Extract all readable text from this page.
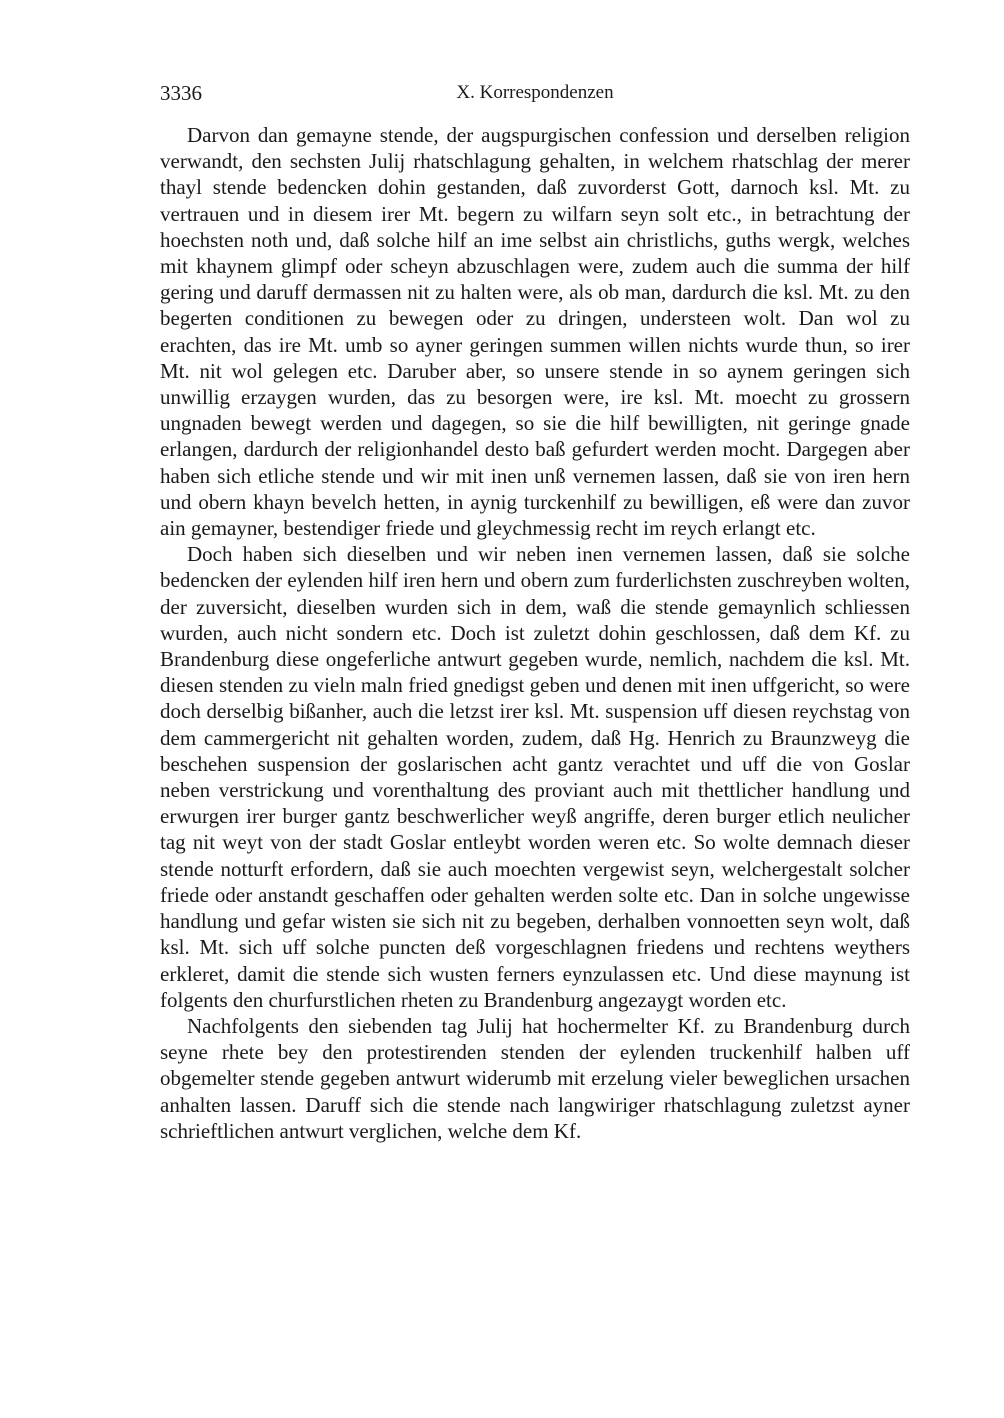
3336	X. Korrespondenzen

Darvon dan gemayne stende, der augspurgischen confession und derselben religion verwandt, den sechsten Julij rhatschlagung gehalten, in welchem rhatschlag der merer thayl stende bedencken dohin gestanden, daß zuvorderst Gott, darnoch ksl. Mt. zu vertrauen und in diesem irer Mt. begern zu wilfarn seyn solt etc., in betrachtung der hoechsten noth und, daß solche hilf an ime selbst ain christlichs, guths wergk, welches mit khaynem glimpf oder scheyn abzuschlagen were, zudem auch die summa der hilf gering und daruff dermassen nit zu halten were, als ob man, dardurch die ksl. Mt. zu den begerten conditionen zu bewegen oder zu dringen, understeen wolt. Dan wol zu erachten, das ire Mt. umb so ayner geringen summen willen nichts wurde thun, so irer Mt. nit wol gelegen etc. Daruber aber, so unsere stende in so aynem geringen sich unwillig erzaygen wurden, das zu besorgen were, ire ksl. Mt. moecht zu grossern ungnaden bewegt werden und dagegen, so sie die hilf bewilligten, nit geringe gnade erlangen, dardurch der religionhandel desto baß gefurdert werden mocht. Dargegen aber haben sich etliche stende und wir mit inen unß vernemen lassen, daß sie von iren hern und obern khayn bevelch hetten, in aynig turckenhilf zu bewilligen, eß were dan zuvor ain gemayner, bestendiger friede und gleychmessig recht im reych erlangt etc.

Doch haben sich dieselben und wir neben inen vernemen lassen, daß sie solche bedencken der eylenden hilf iren hern und obern zum furderlichsten zuschreyben wolten, der zuversicht, dieselben wurden sich in dem, waß die stende gemaynlich schliessen wurden, auch nicht sondern etc. Doch ist zuletzt dohin geschlossen, daß dem Kf. zu Brandenburg diese ongeferliche antwurt gegeben wurde, nemlich, nachdem die ksl. Mt. diesen stenden zu vieln maln fried gnedigst geben und denen mit inen uffgericht, so were doch derselbig bißanher, auch die letzst irer ksl. Mt. suspension uff diesen reychstag von dem cammergericht nit gehalten worden, zudem, daß Hg. Henrich zu Braunzweyg die beschehen suspension der goslarischen acht gantz verachtet und uff die von Goslar neben verstrickung und vorenthaltung des proviant auch mit thettlicher handlung und erwurgen irer burger gantz beschwerlicher weyß angriffe, deren burger etlich neulicher tag nit weyt von der stadt Goslar entleybt worden weren etc. So wolte demnach dieser stende notturft erfordern, daß sie auch moechten vergewist seyn, welchergestalt solcher friede oder anstandt geschaffen oder gehalten werden solte etc. Dan in solche ungewisse handlung und gefar wisten sie sich nit zu begeben, derhalben vonnoetten seyn wolt, daß ksl. Mt. sich uff solche puncten deß vorgeschlagnen friedens und rechtens weythers erkleret, damit die stende sich wusten ferners eynzulassen etc. Und diese maynung ist folgents den churfurstlichen rheten zu Brandenburg angezaygt worden etc.

Nachfolgents den siebenden tag Julij hat hochermelter Kf. zu Brandenburg durch seyne rhete bey den protestirenden stenden der eylenden truckenhilf halben uff obgemelter stende gegeben antwurt widerumb mit erzelung vieler beweglichen ursachen anhalten lassen. Daruff sich die stende nach langwiriger rhatschlagung zuletzst ayner schrieftlichen antwurt verglichen, welche dem Kf.
